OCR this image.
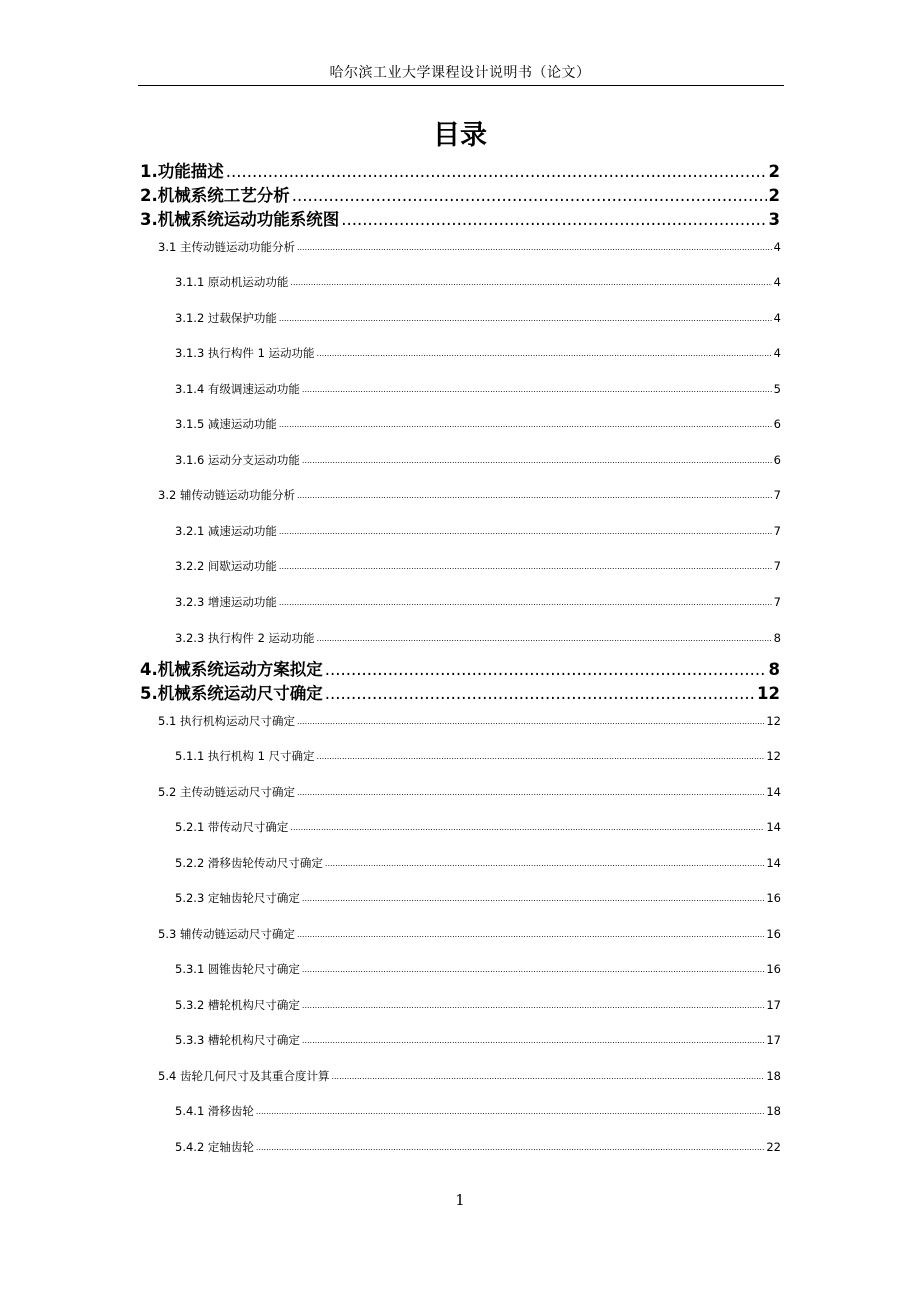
哈尔滨工业大学课程设计说明书（论文）
目录
1.功能描述 .....	2
2.机械系统工艺分析 .....	2
3.机械系统运动功能系统图 .....	3
3.1 主传动链运动功能分析 .....	4
3.1.1 原动机运动功能 .....	4
3.1.2 过载保护功能 .....	4
3.1.3 执行构件 1 运动功能 .....	4
3.1.4 有级调速运动功能 .....	5
3.1.5 减速运动功能 .....	6
3.1.6 运动分支运动功能 .....	6
3.2 辅传动链运动功能分析 .....	7
3.2.1 减速运动功能 .....	7
3.2.2 间歇运动功能 .....	7
3.2.3 增速运动功能 .....	7
3.2.3 执行构件 2 运动功能 .....	8
4.机械系统运动方案拟定 .....	8
5.机械系统运动尺寸确定 .....	12
5.1 执行机构运动尺寸确定 .....	12
5.1.1 执行机构 1 尺寸确定 .....	12
5.2 主传动链运动尺寸确定 .....	14
5.2.1 带传动尺寸确定 .....	14
5.2.2 滑移齿轮传动尺寸确定 .....	14
5.2.3 定轴齿轮尺寸确定 .....	16
5.3 辅传动链运动尺寸确定 .....	16
5.3.1 圆锥齿轮尺寸确定 .....	16
5.3.2 槽轮机构尺寸确定 .....	17
5.3.3 槽轮机构尺寸确定 .....	17
5.4 齿轮几何尺寸及其重合度计算 .....	18
5.4.1 滑移齿轮 .....	18
5.4.2 定轴齿轮 .....	22
1
